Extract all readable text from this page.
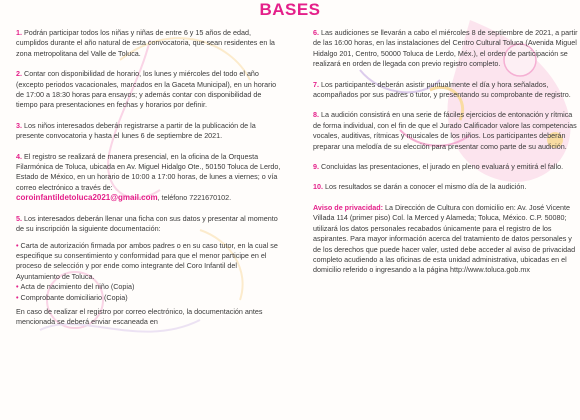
BASES

1. Podrán participar todos los niñas y niñas de entre 6 y 15 años de edad, cumplidos durante el año natural de esta convocatoria, que sean residentes en la zona metropolitana del Valle de Toluca.

2. Contar con disponibilidad de horario, los lunes y miércoles del todo el año (excepto periodos vacacionales, marcados en la Gaceta Municipal), en un horario de 17:00 a 18:30 horas para ensayos; y además contar con disponibilidad de tiempo para presentaciones en fechas y horarios por definir.

3. Los niños interesados deberán registrarse a partir de la publicación de la presente convocatoria y hasta el lunes 6 de septiembre de 2021.

4. El registro se realizará de manera presencial, en la oficina de la Orquesta Filarmónica de Toluca, ubicada en Av. Miguel Hidalgo Ote., 50150 Toluca de Lerdo, Estado de México, en un horario de 10:00 a 17:00 horas, de lunes a viernes; o vía correo electrónico a través de:
coroinfantildetoluca2021@gmail.com, teléfono 7221670102.

5. Los interesados deberán llenar una ficha con sus datos y presentar al momento de su inscripción la siguiente documentación:

• Carta de autorización firmada por ambos padres o en su caso tutor, en la cual se especifique su consentimiento y conformidad para que el menor participe en el proceso de selección y por ende como integrante del Coro Infantil del Ayuntamiento de Toluca.
• Acta de nacimiento del niño (Copia)
• Comprobante domiciliario (Copia)

En caso de realizar el registro por correo electrónico, la documentación antes mencionada se deberá enviar escaneada en

6. Las audiciones se llevarán a cabo el miércoles 8 de septiembre de 2021, a partir de las 16:00 horas, en las instalaciones del Centro Cultural Toluca (Avenida Miguel Hidalgo 201, Centro, 50000 Toluca de Lerdo, Méx.), el orden de participación se realizará en orden de llegada con previo registro completo.

7. Los participantes deberán asistir puntualmente el día y hora señalados, acompañados por sus padres o tutor, y presentando su comprobante de registro.

8. La audición consistirá en una serie de fáciles ejercicios de entonación y rítmica de forma individual, con el fin de que el Jurado Calificador valore las competencias vocales, auditivas, rítmicas y musicales de los niños. Los participantes deberán preparar una melodía de su elección para presentar como parte de su audición.

9. Concluidas las presentaciones, el jurado en pleno evaluará y emitirá el fallo.

10. Los resultados se darán a conocer el mismo día de la audición.

Aviso de privacidad: La Dirección de Cultura con domicilio en: Av. José Vicente Villada 114 (primer piso) Col. la Merced y Alameda; Toluca, México. C.P. 50080; utilizará los datos personales recabados únicamente para el registro de los aspirantes. Para mayor información acerca del tratamiento de datos personales y de los derechos que puede hacer valer, usted debe acceder al aviso de privacidad completo acudiendo a las oficinas de esta unidad administrativa, ubicadas en el domicilio referido o ingresando a la página http://www.toluca.gob.mx
